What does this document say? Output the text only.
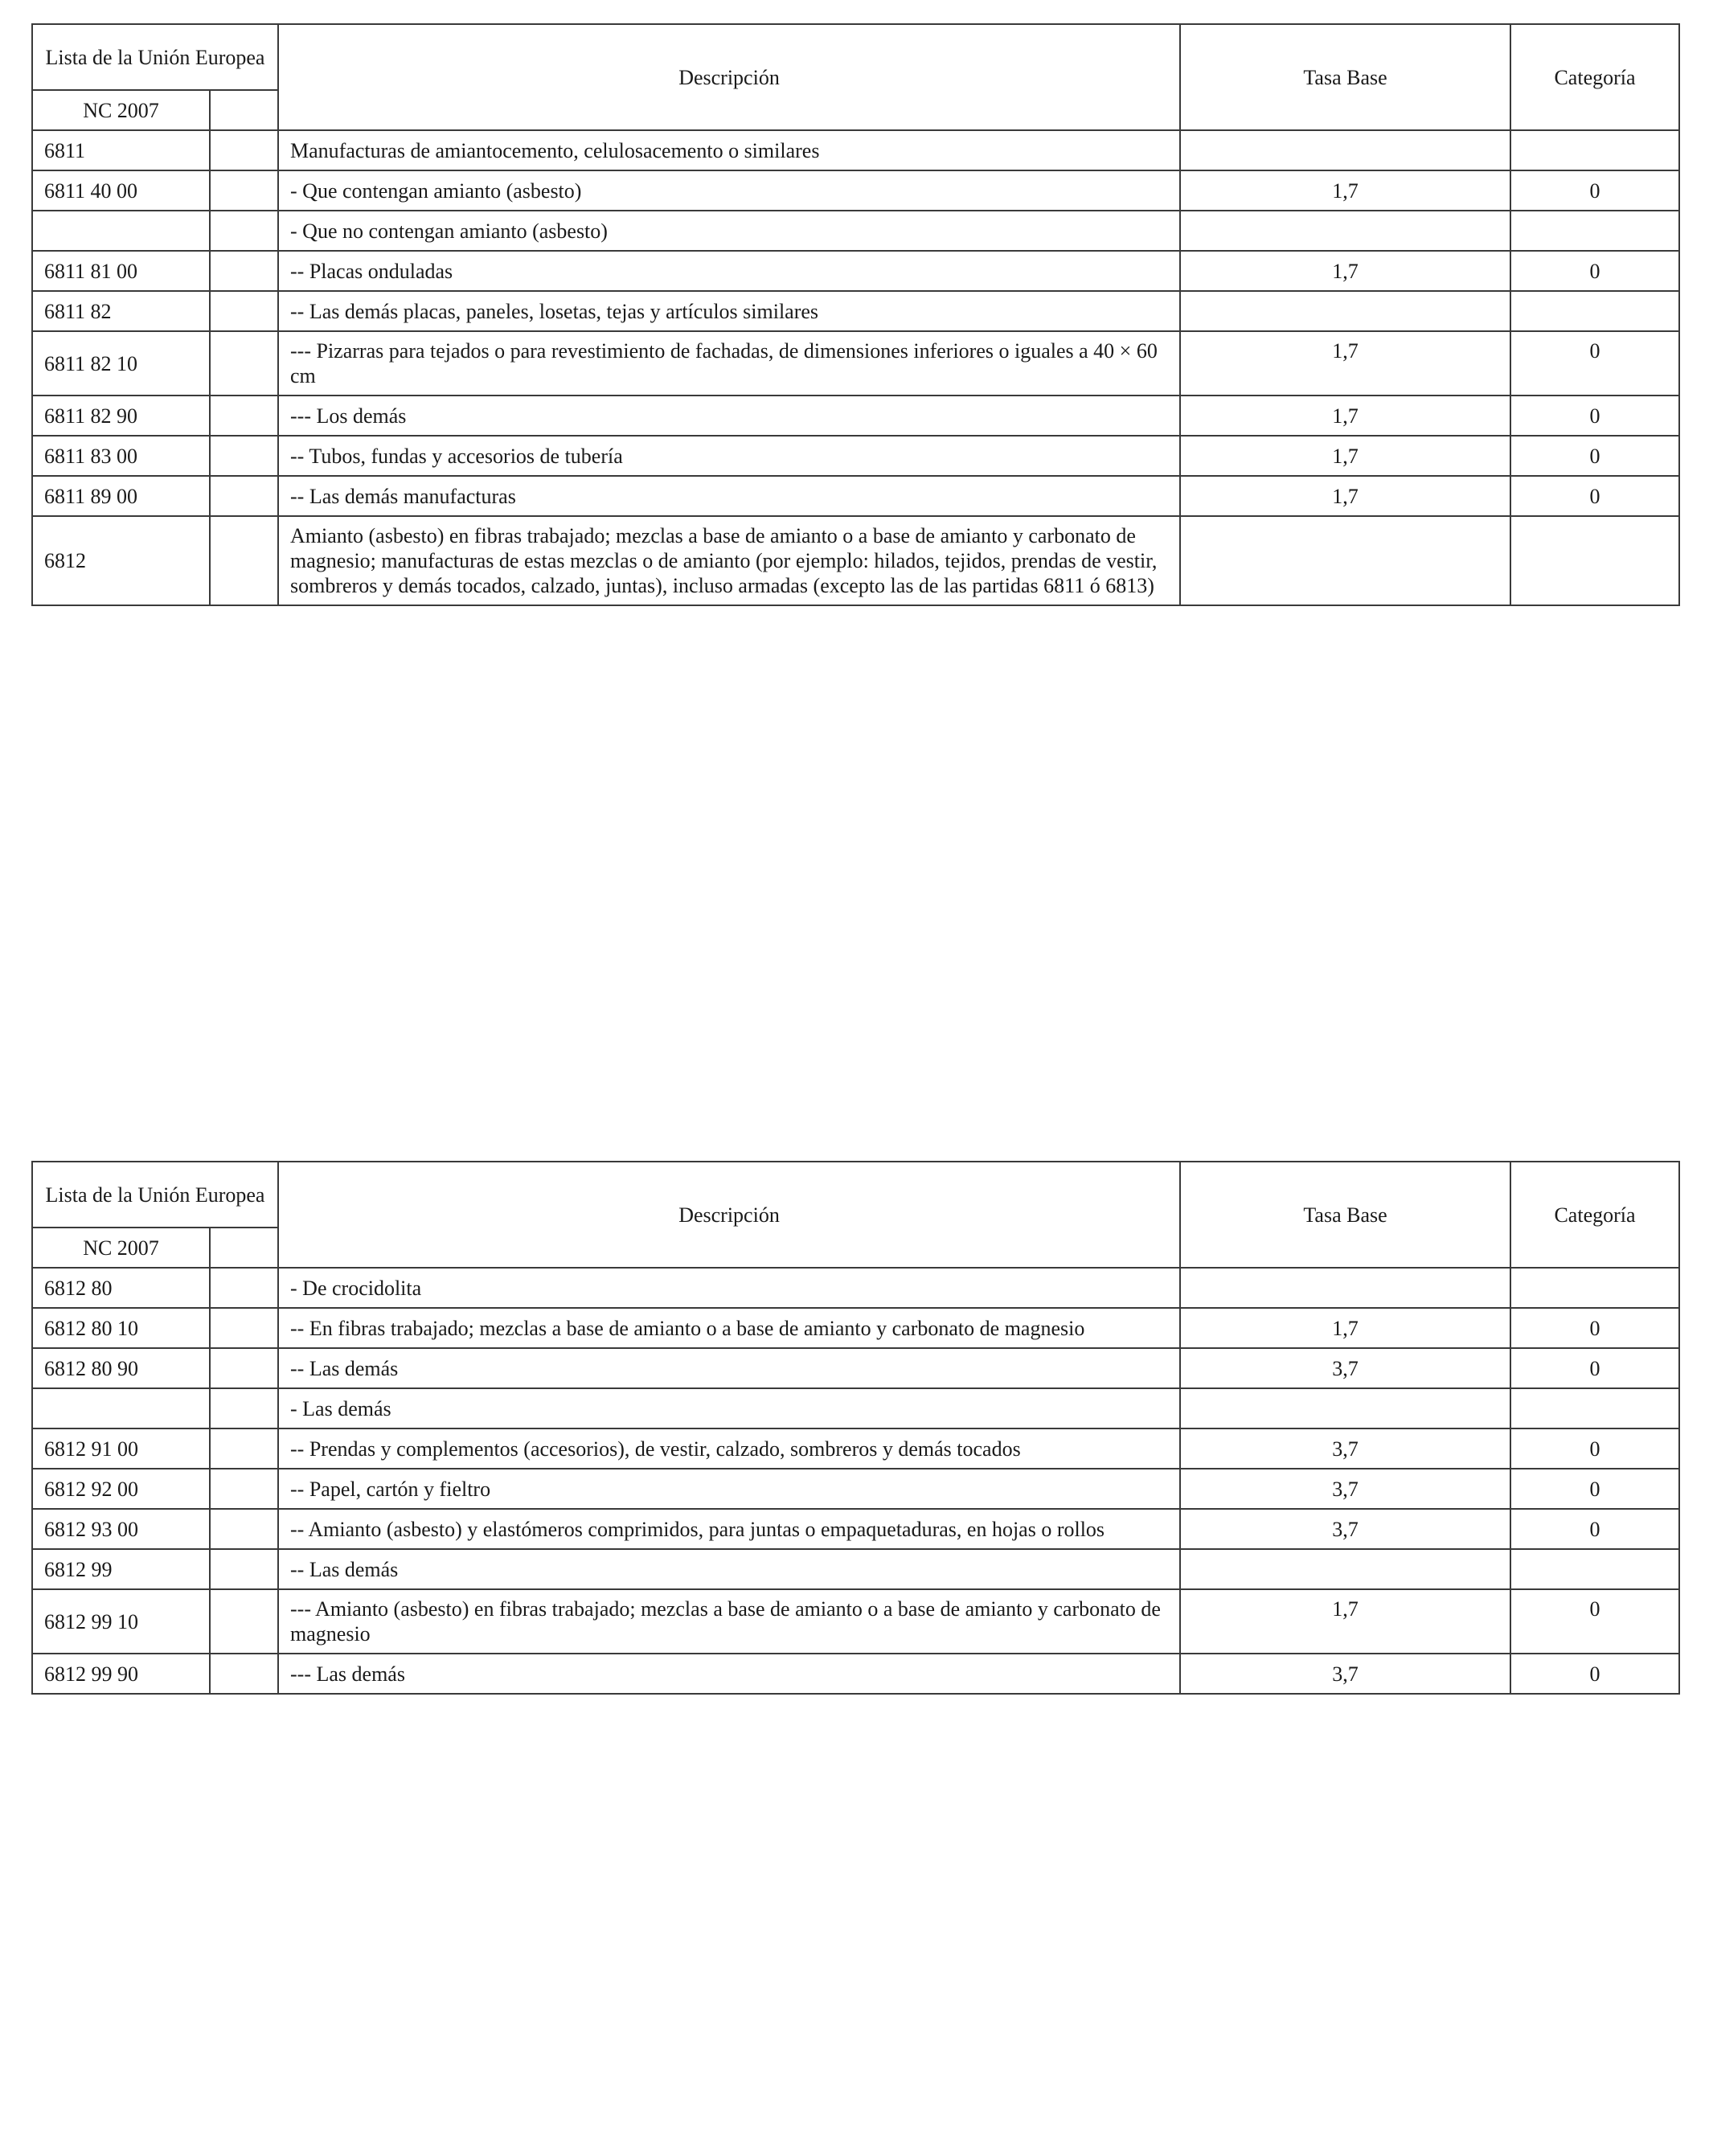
Lista de la Unión Europea		Descripción	Tasa Base	Categoría
NC 2007				
6811		Manufacturas de amiantocemento, celulosacemento o similares		
6811 40 00		- Que contengan amianto (asbesto)	1,7	0
		- Que no contengan amianto (asbesto)		
6811 81 00		-- Placas onduladas	1,7	0
6811 82		-- Las demás placas, paneles, losetas, tejas y artículos similares		
6811 82 10		--- Pizarras para tejados o para revestimiento de fachadas, de dimensiones inferiores o iguales a 40 × 60 cm	1,7	0
6811 82 90		--- Los demás	1,7	0
6811 83 00		-- Tubos, fundas y accesorios de tubería	1,7	0
6811 89 00		-- Las demás manufacturas	1,7	0
6812		Amianto (asbesto) en fibras trabajado; mezclas a base de amianto o a base de amianto y carbonato de magnesio; manufacturas de estas mezclas o de amianto (por ejemplo: hilados, tejidos, prendas de vestir, sombreros y demás tocados, calzado, juntas), incluso armadas (excepto las de las partidas 6811 ó 6813)		
Lista de la Unión Europea		Descripción	Tasa Base	Categoría
NC 2007				
6812 80		- De crocidolita		
6812 80 10		-- En fibras trabajado; mezclas a base de amianto o a base de amianto y carbonato de magnesio	1,7	0
6812 80 90		-- Las demás	3,7	0
		- Las demás		
6812 91 00		-- Prendas y complementos (accesorios), de vestir, calzado, sombreros y demás tocados	3,7	0
6812 92 00		-- Papel, cartón y fieltro	3,7	0
6812 93 00		-- Amianto (asbesto) y elastómeros comprimidos, para juntas o empaquetaduras, en hojas o rollos	3,7	0
6812 99		-- Las demás		
6812 99 10		--- Amianto (asbesto) en fibras trabajado; mezclas a base de amianto o a base de amianto y carbonato de magnesio	1,7	0
6812 99 90		--- Las demás	3,7	0
